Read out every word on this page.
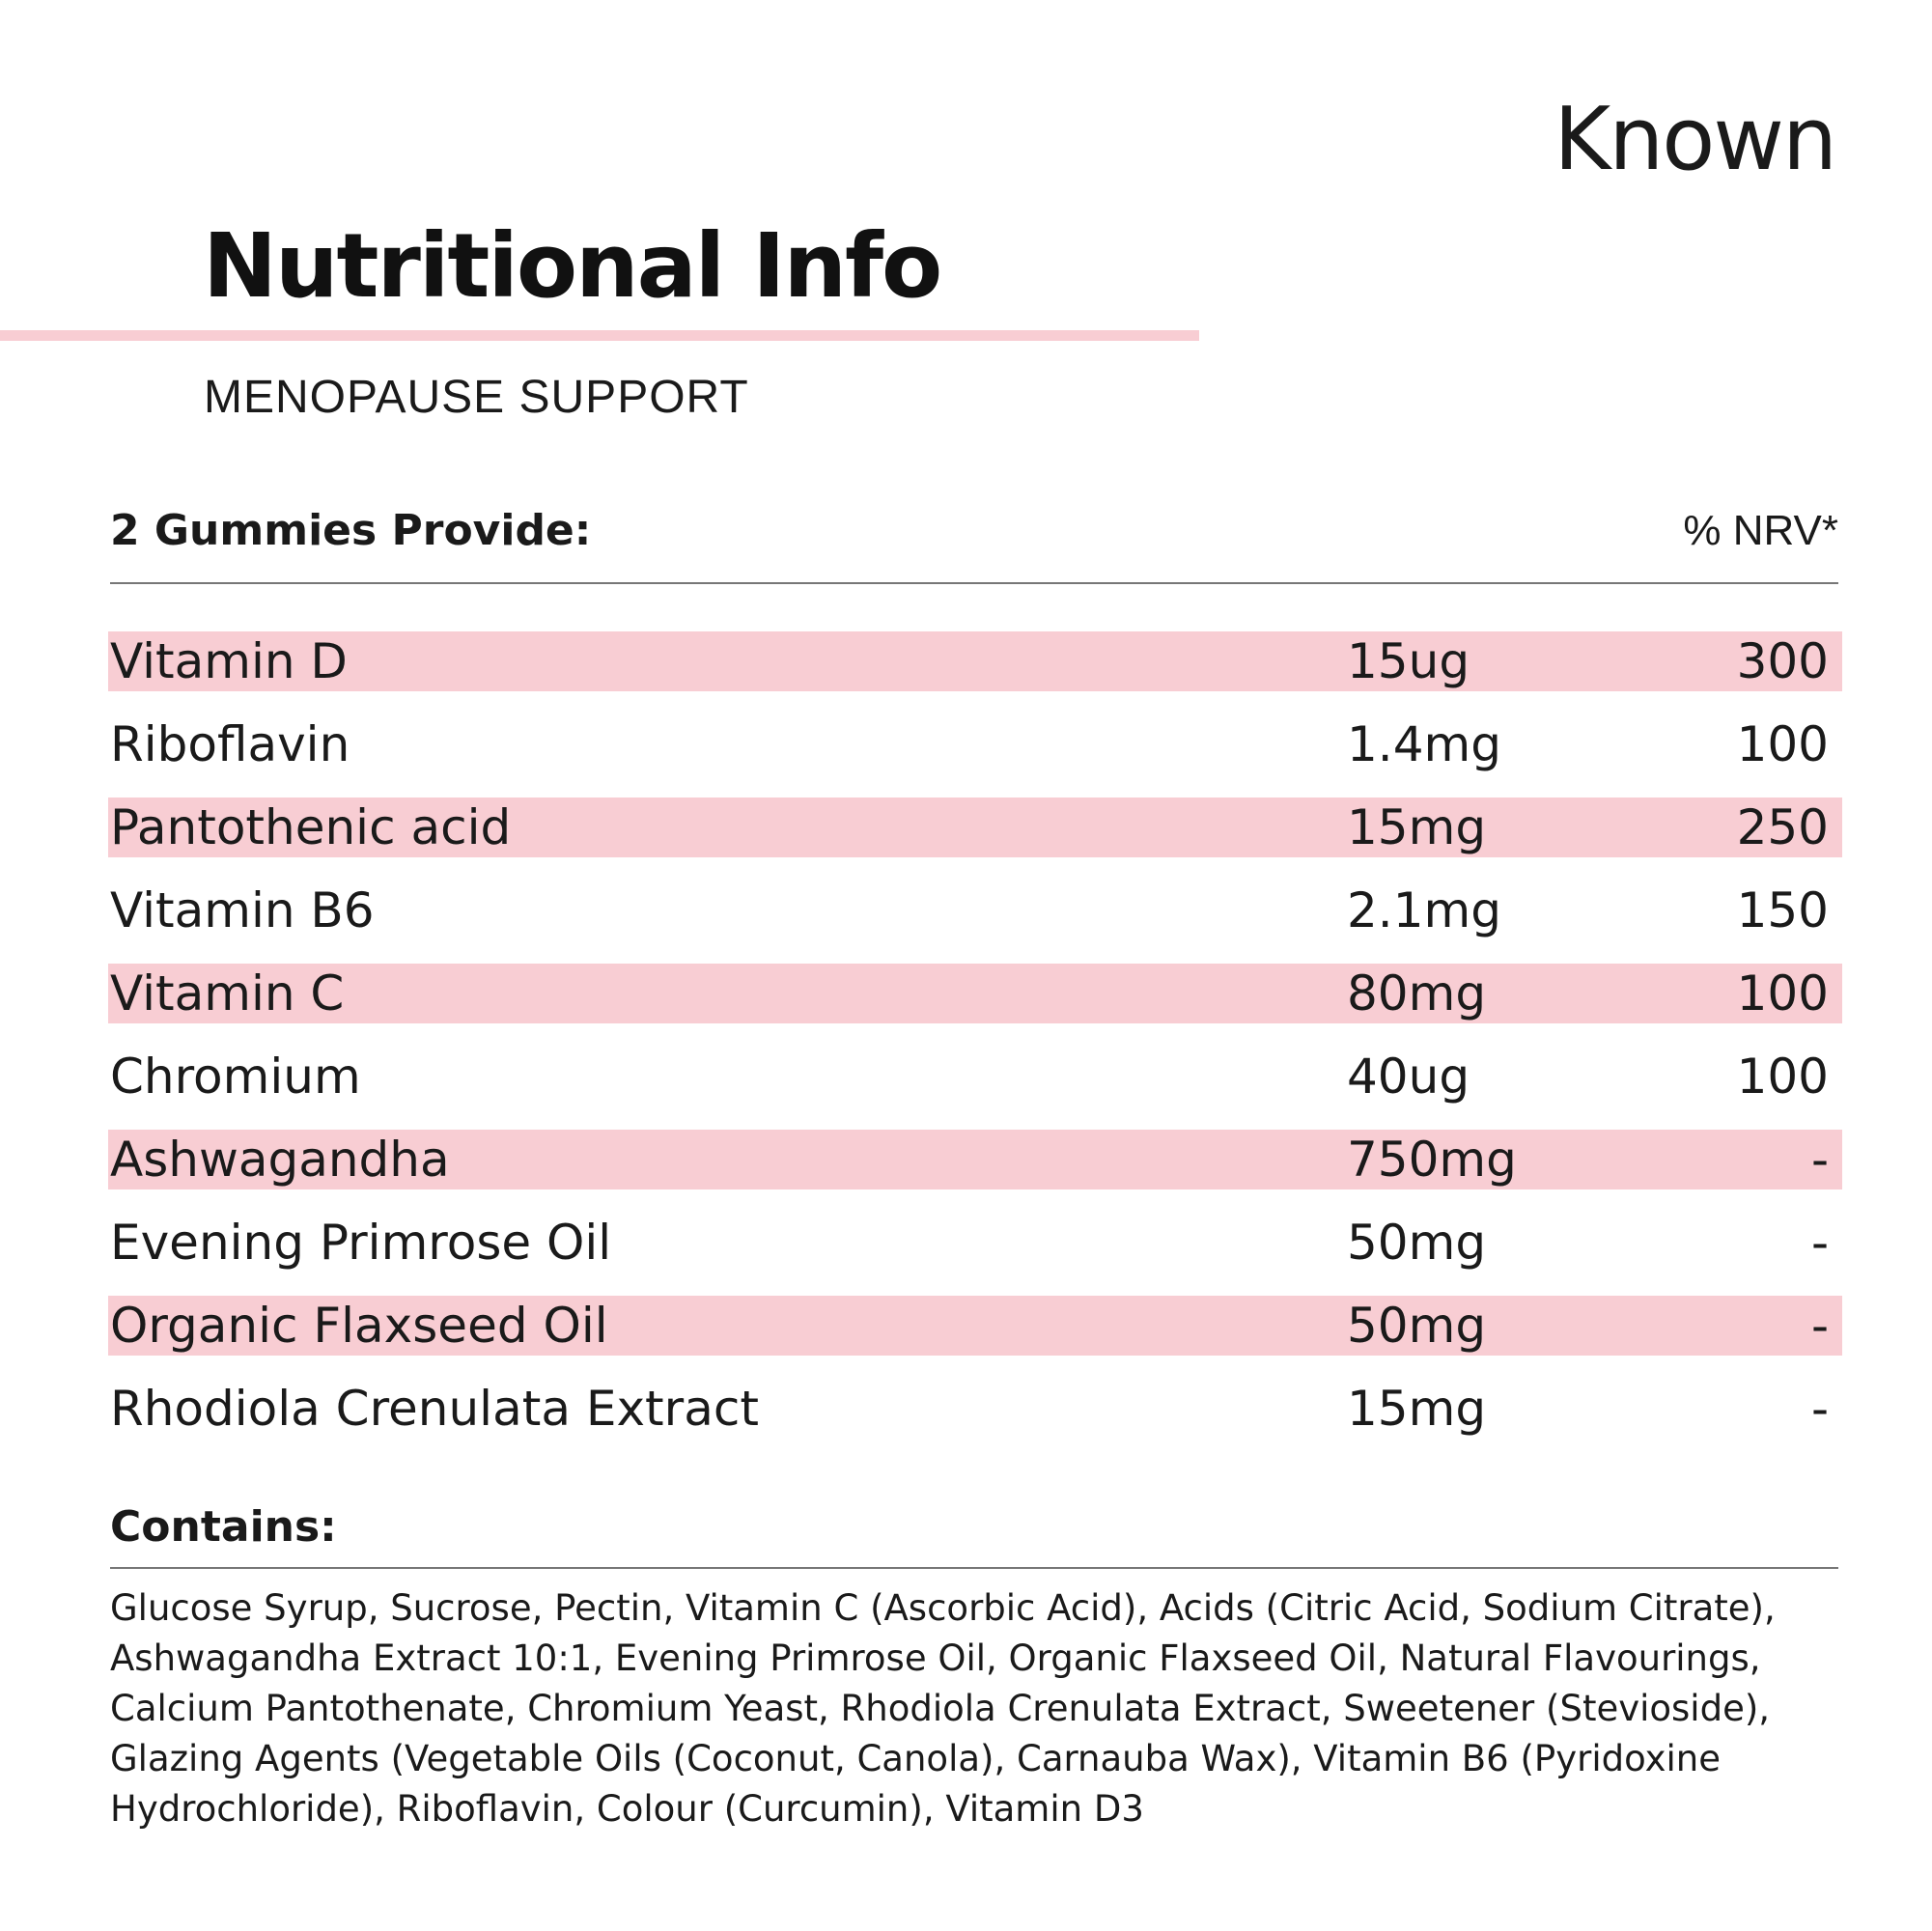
Known
Nutritional Info
MENOPAUSE SUPPORT
2 Gummies Provide:	% NRV*
Vitamin D	15ug	300
Riboflavin	1.4mg	100
Pantothenic acid	15mg	250
Vitamin B6	2.1mg	150
Vitamin C	80mg	100
Chromium	40ug	100
Ashwagandha	750mg	-
Evening Primrose Oil	50mg	-
Organic Flaxseed Oil	50mg	-
Rhodiola Crenulata Extract	15mg	-
Contains:

Glucose Syrup, Sucrose, Pectin, Vitamin C (Ascorbic Acid), Acids (Citric Acid, Sodium Citrate), Ashwagandha Extract 10:1, Evening Primrose Oil, Organic Flaxseed Oil, Natural Flavourings, Calcium Pantothenate, Chromium Yeast, Rhodiola Crenulata Extract, Sweetener (Stevioside), Glazing Agents (Vegetable Oils (Coconut, Canola), Carnauba Wax), Vitamin B6 (Pyridoxine Hydrochloride), Riboflavin, Colour (Curcumin), Vitamin D3
